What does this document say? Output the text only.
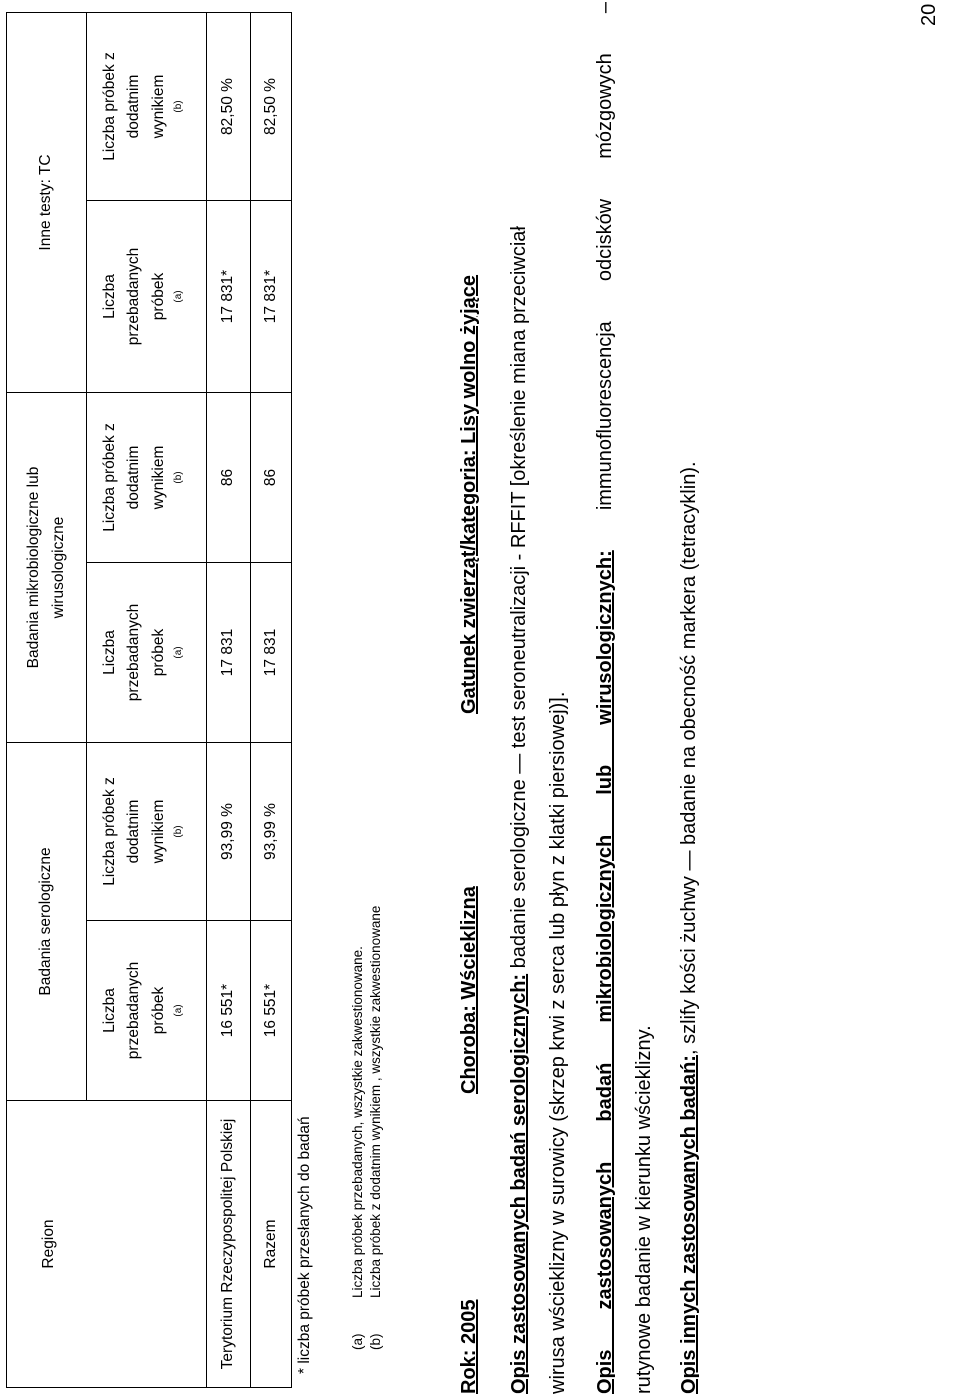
Region	Badania serologiczne		Badania mikrobiologiczne lub wirusologiczne		Inne testy: TC	

	Liczba przebadanych próbek $^{(a)}$	Liczba próbek z dodatnim wynikiem $^{(b)}$	Liczba przebadanych próbek $^{(a)}$	Liczba próbek z dodatnim wynikiem $^{(b)}$	Liczba przebadanych próbek $^{(a)}$	Liczba próbek z dodatnim wynikiem $^{(b)}$

Terytorium Rzeczypospolitej Polskiej	16 551*	93,99 %	17 831	86	17 831*	82,50 %
Razem	16 551*	93,99 %	17 831	86	17 831*	82,50 %
* liczba próbek przesłanych do badań	(a)
Liczba próbek przebadanych, wszystkie zakwestionowane.
(b)
Liczba próbek z dodatnim wynikiem , wszystkie zakwestionowane
Rok: 2005
Choroba: Wścieklizna
Gatunek zwierząt/kategoria: Lisy wolno żyjące
Opis zastosowanych badań serologicznych: badanie serologiczne — test seroneutralizacji - RFFIT [określenie miana przeciwciał
wirusa wścieklizny w surowicy (skrzep krwi z serca lub płyn z klatki piersiowej)].	Opis zastosowanych badań mikrobiologicznych lub wirusologicznych: immunofluorescencja odcisków mózgowych –
rutynowe badanie w kierunku wścieklizny.	Opis innych zastosowanych badań:, szlify kości żuchwy — badanie na obecność markera (tetracyklin).
20
